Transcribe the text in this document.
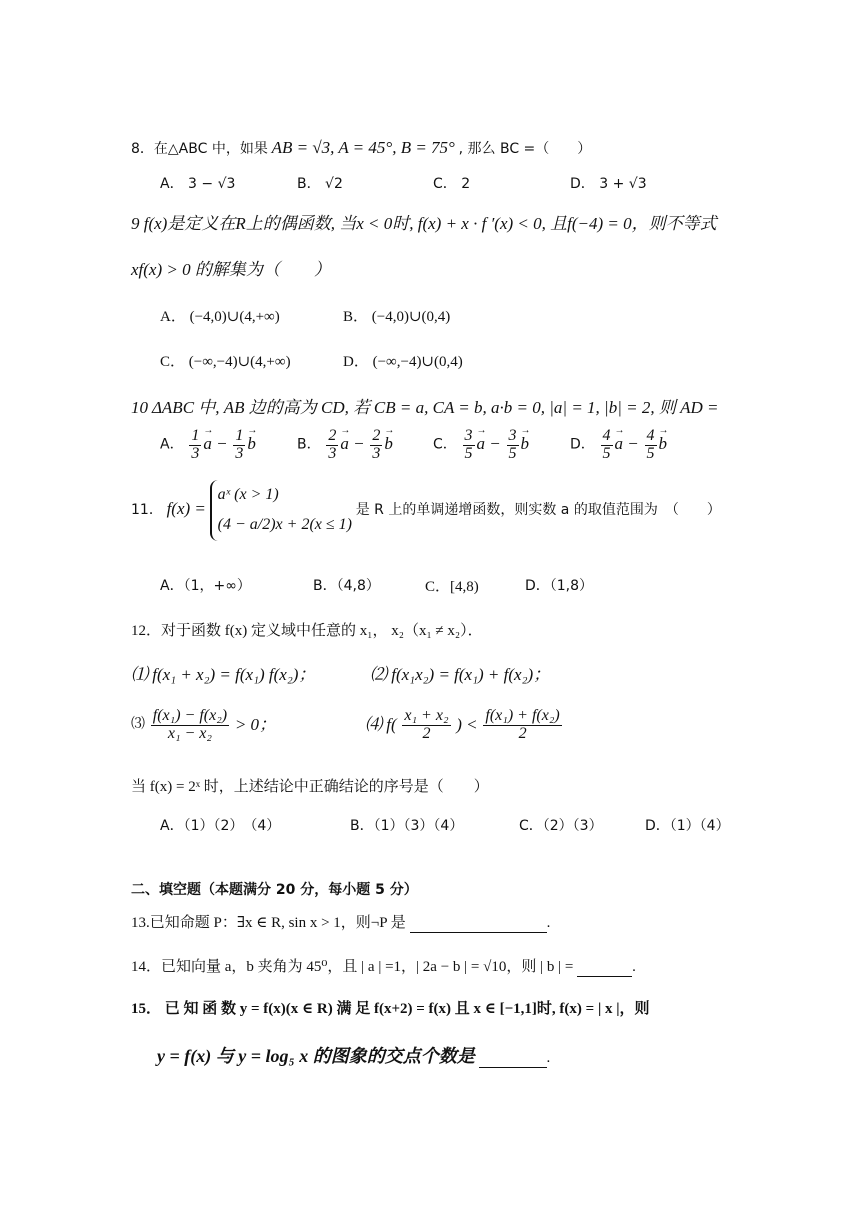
8．在△ABC 中，如果 AB = √3, A = 45°, B = 75° , 那么 BC =（　　）
A． 3 − √3	B． √2	C． 2	D． 3 + √3
9 f(x)是定义在R上的偶函数, 当x < 0时, f(x) + x · f ′(x) < 0, 且f(−4) = 0，则不等式
xf(x) > 0 的解集为（　　）
A． (−4,0)∪(4,+∞)	B． (−4,0)∪(0,4)
C． (−∞,−4)∪(4,+∞)	D． (−∞,−4)∪(0,4)
10 ΔABC 中, AB 边的高为 CD, 若 CB = a, CA = b, a·b = 0, |a| = 1, |b| = 2, 则 AD =
A． $\frac{1}{3}$
→ $a - \frac{1}{3}$
→ b	B． $\frac{2}{3}$
→ $a - \frac{2}{3}$
→ b	C． $\frac{3}{5}$
→ $a - \frac{3}{5}$
→ b	D． $\frac{4}{5}$
→ $a - \frac{4}{5}$
→ b
11． f(x) = aˣ (x > 1)
(4 − a/2)x + 2(x ≤ 1) 是 R 上的单调递增函数，则实数 a 的取值范围为　（　　）
A．（1，+∞）	B．（4,8）	C．[4,8)	D．（1,8）
12．对于函数 f(x) 定义域中任意的 x₁， x₂（x₁ ≠ x₂）．
⑴ f(x₁ + x₂) = f(x₁) f(x₂)；	⑵ f(x₁x₂) = f(x₁) + f(x₂)；
⑶ $\frac{\text{f(x₁) − f(x₂)}}{\text{x₁ − x₂}} > 0$；	⑷ $f( \frac{\text{x₁ + x₂}}{2}$ ) < $\frac{\text{f(x₁) + f(x₂)}}{2}$
当 f(x) = 2ˣ 时，上述结论中正确结论的序号是（　　）
A．（1）（2）　（4）	B．（1）（3）（4）	C．（2）（3）	D．（1）（4）
二、填空题（本题满分 20 分，每小题 5 分）
13.已知命题 P：∃x ∈ R, sin x > 1，则¬P 是	.
14．已知向量 a，b 夹角为 45⁰，且 | a | =1，| 2a − b | = √10，则 | b | =	.
15． 已 知 函 数 y = f(x)(x ∈ R) 满 足 f(x+2) = f(x) 且 x ∈ [−1,1]时, f(x) = | x |，则
y = f(x) 与 y = log₅ x 的图象的交点个数是	.
